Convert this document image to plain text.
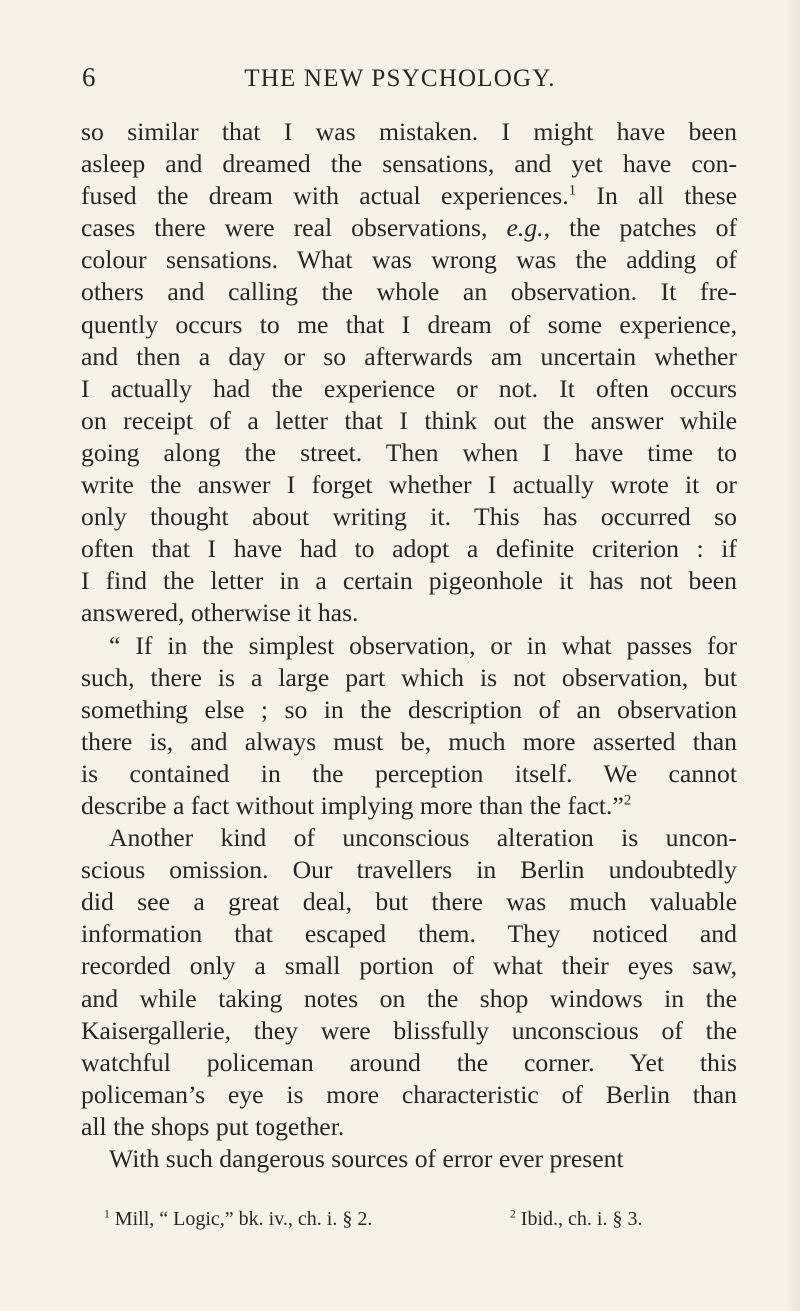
6	THE NEW PSYCHOLOGY.
so similar that I was mistaken. I might have been
asleep and dreamed the sensations, and yet have con-
fused the dream with actual experiences.$^1$ In all these
cases there were real observations, e.g., the patches of
colour sensations. What was wrong was the adding of
others and calling the whole an observation. It fre-
quently occurs to me that I dream of some experience,
and then a day or so afterwards am uncertain whether
I actually had the experience or not. It often occurs
on receipt of a letter that I think out the answer while
going along the street. Then when I have time to
write the answer I forget whether I actually wrote it or
only thought about writing it. This has occurred so
often that I have had to adopt a definite criterion : if
I find the letter in a certain pigeonhole it has not been
answered, otherwise it has.
“ If in the simplest observation, or in what passes for
such, there is a large part which is not observation, but
something else ; so in the description of an observation
there is, and always must be, much more asserted than
is contained in the perception itself. We cannot
describe a fact without implying more than the fact.”$^2$
Another kind of unconscious alteration is uncon-
scious omission. Our travellers in Berlin undoubtedly
did see a great deal, but there was much valuable
information that escaped them. They noticed and
recorded only a small portion of what their eyes saw,
and while taking notes on the shop windows in the
Kaisergallerie, they were blissfully unconscious of the
watchful policeman around the corner. Yet this
policeman’s eye is more characteristic of Berlin than
all the shops put together.
With such dangerous sources of error ever present
$^1$ Mill, “ Logic,” bk. iv., ch. i. § 2.	$^2$ Ibid., ch. i. § 3.
